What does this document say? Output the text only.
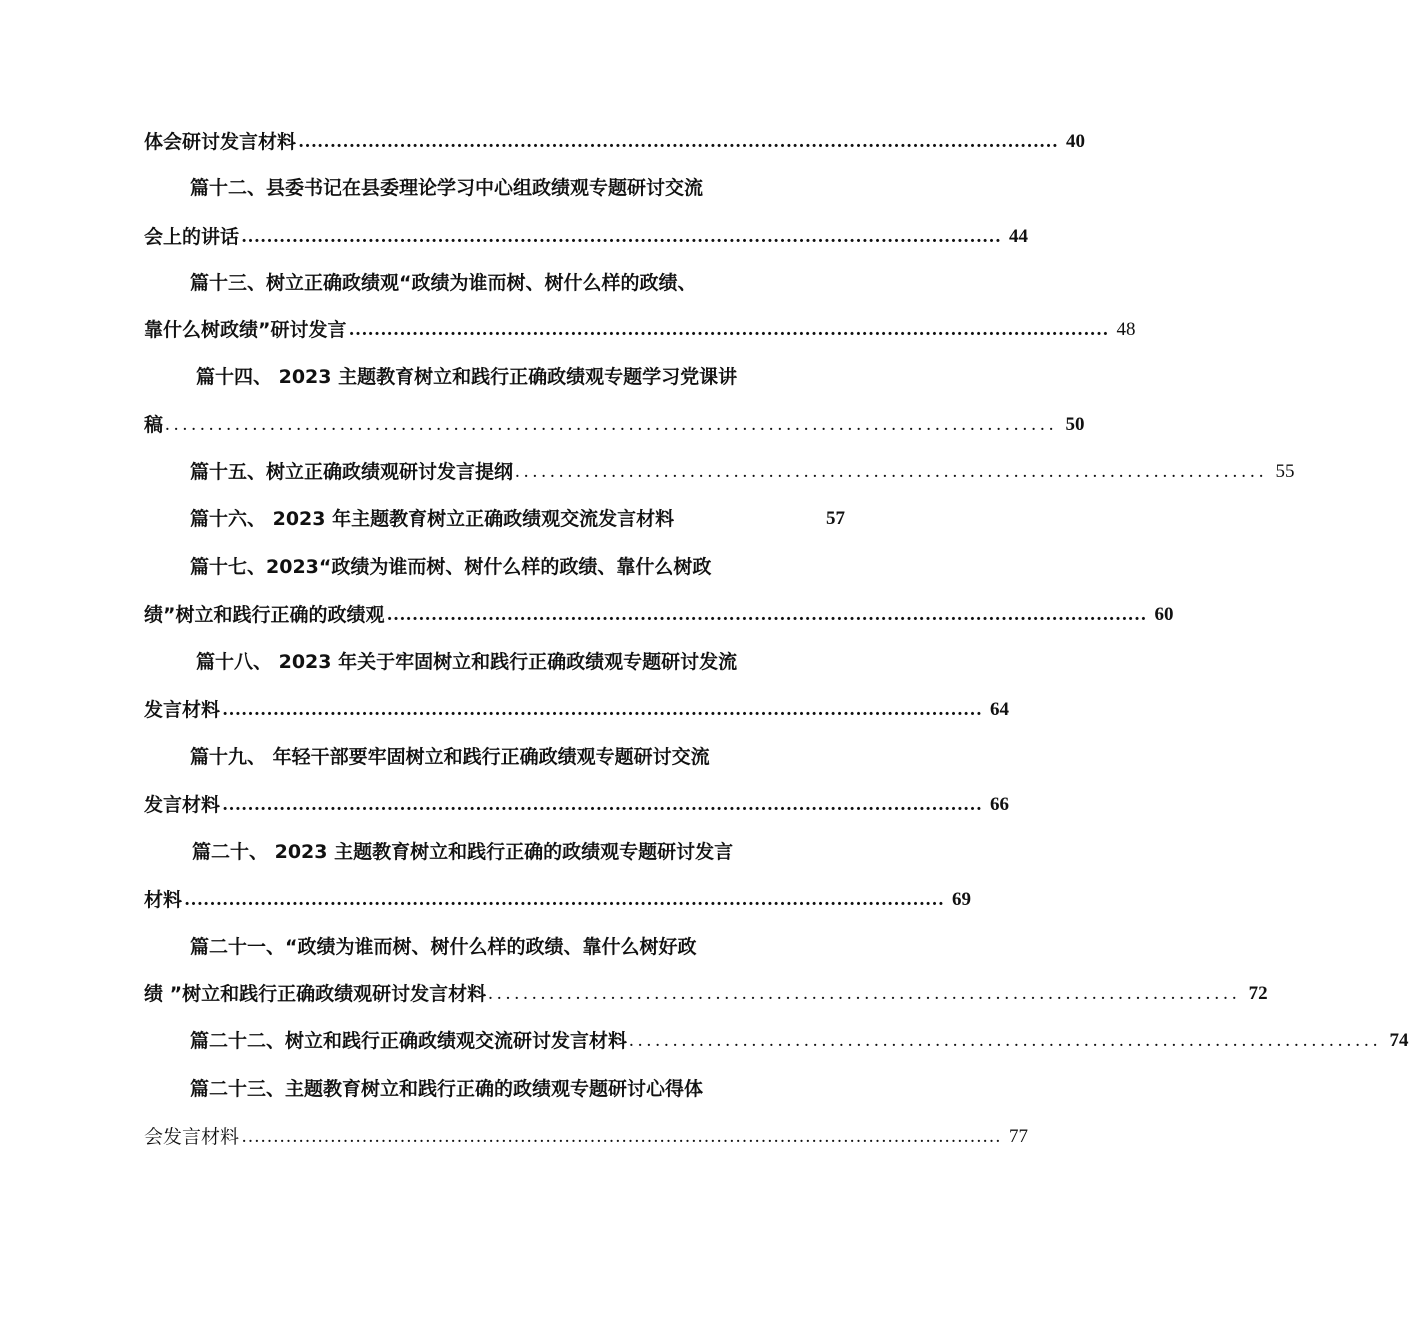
体会研讨发言材料 ………………………………………………………………………………………………………… 40
篇十二、县委书记在县委理论学习中心组政绩观专题研讨交流
会上的讲话 ………………………………………………………………………………………………………… 44
篇十三、树立正确政绩观“政绩为谁而树、树什么样的政绩、
靠什么树政绩”研讨发言 ………………………………………………………………………………………………………… 48
篇十四、 2023 主题教育树立和践行正确政绩观专题学习党课讲
稿 ...................................................................................................... 50
篇十五、树立正确政绩观研讨发言提纲 ...................................................................................... 55
篇十六、 2023 年主题教育树立正确政绩观交流发言材料	57
篇十七、2023“政绩为谁而树、树什么样的政绩、靠什么树政
绩”树立和践行正确的政绩观 ………………………………………………………………………………………………………… 60
篇十八、 2023 年关于牢固树立和践行正确政绩观专题研讨发流
发言材料 ………………………………………………………………………………………………………… 64
篇十九、 年轻干部要牢固树立和践行正确政绩观专题研讨交流
发言材料 ………………………………………………………………………………………………………… 66
篇二十、 2023 主题教育树立和践行正确的政绩观专题研讨发言
材料 ………………………………………………………………………………………………………… 69
篇二十一、“政绩为谁而树、树什么样的政绩、靠什么树好政
绩 ”树立和践行正确政绩观研讨发言材料 ...................................................................................... 72
篇二十二、树立和践行正确政绩观交流研讨发言材料 ...................................................................................... 74
篇二十三、主题教育树立和践行正确的政绩观专题研讨心得体
会发言材料 ………………………………………………………………………………………………………… 77
